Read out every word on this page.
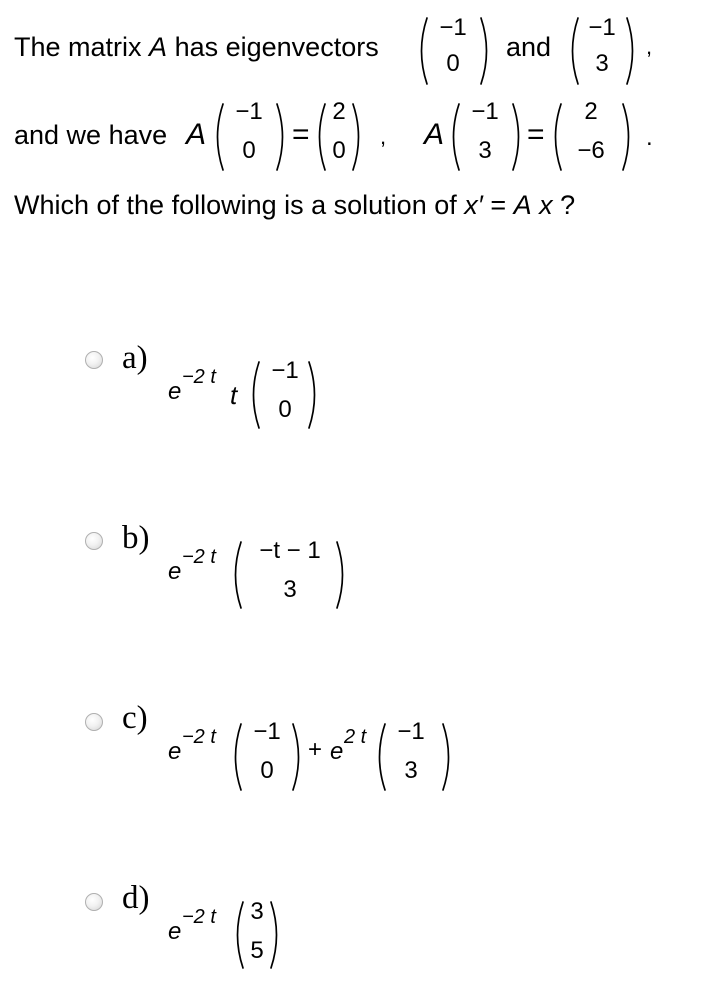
The matrix A has eigenvectors
−1
0
and
−1
3
,
and we have A
−1
0	=
2
0
, A
−1
3	=
2
−6	.
Which of the following is a solution of x′ = A x ?
a)
e
−2 t
t
−1
0
b)
e
−2 t	−t − 1
3
c)
e
−2 t	−1
0
+ e
2 t	−1
3
d)
e
−2 t 3
5
